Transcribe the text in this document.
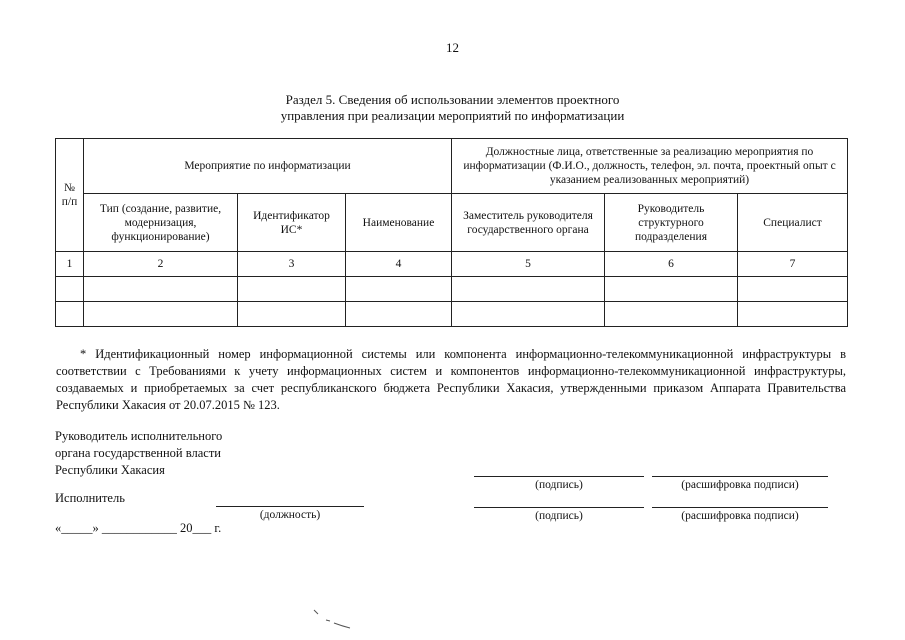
12
Раздел 5. Сведения об использовании элементов проектного
управления при реализации мероприятий по информатизации
№ п/п	Мероприятие по информатизации			Должностные лица, ответственные за реализацию мероприятия по информатизации (Ф.И.О., должность, телефон, эл. почта, проектный опыт с указанием реализованных мероприятий)		
	Тип (создание, развитие, модернизация, функционирование)	Идентификатор ИС*	Наименование	Заместитель руководителя государственного органа	Руководитель структурного подразделения	Специалист
1	2	3	4	5	6	7

* Идентификационный номер информационной системы или компонента информационно-телекоммуникационной инфраструктуры в соответствии с Требованиями к учету информационных систем и компонентов информационно-телекоммуникационной инфраструктуры, создаваемых и приобретаемых за счет республиканского бюджета Республики Хакасия, утвержденными приказом Аппарата Правительства Республики Хакасия от 20.07.2015 № 123.
Руководитель исполнительного
органа государственной власти
Республики Хакасия
(подпись)	(расшифровка подписи)
Исполнитель
(должность)	(подпись)	(расшифровка подписи)
«_____» ____________ 20___ г.
